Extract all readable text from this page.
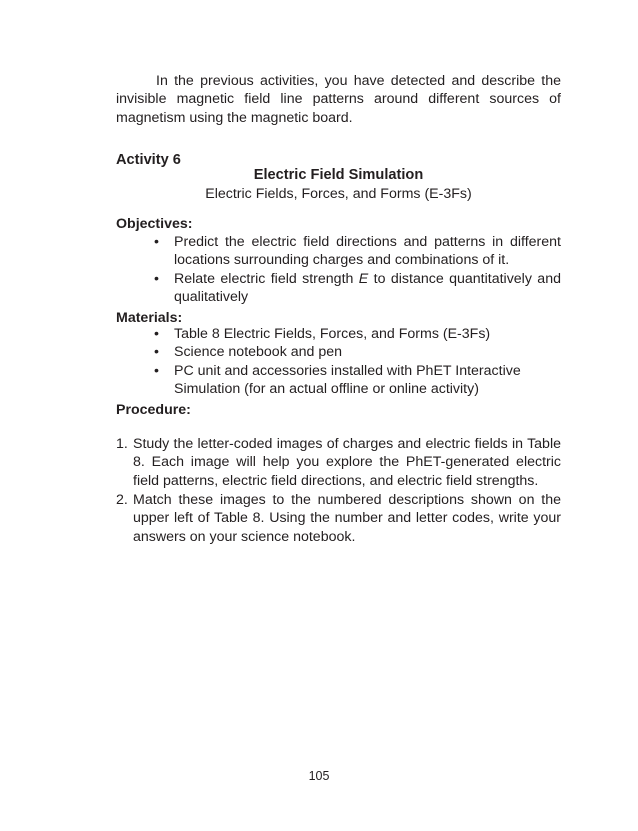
In the previous activities, you have detected and describe the invisible magnetic field line patterns around different sources of magnetism using the magnetic board.
Activity 6
Electric Field Simulation
Electric Fields, Forces, and Forms (E-3Fs)
Objectives:
• Predict the electric field directions and patterns in different locations surrounding charges and combinations of it.
• Relate electric field strength E to distance quantitatively and qualitatively
Materials:
• Table 8 Electric Fields, Forces, and Forms (E-3Fs)
• Science notebook and pen
• PC unit and accessories installed with PhET Interactive Simulation (for an actual offline or online activity)
Procedure:
1. Study the letter-coded images of charges and electric fields in Table 8. Each image will help you explore the PhET-generated electric field patterns, electric field directions, and electric field strengths.
2. Match these images to the numbered descriptions shown on the upper left of Table 8. Using the number and letter codes, write your answers on your science notebook.
105
